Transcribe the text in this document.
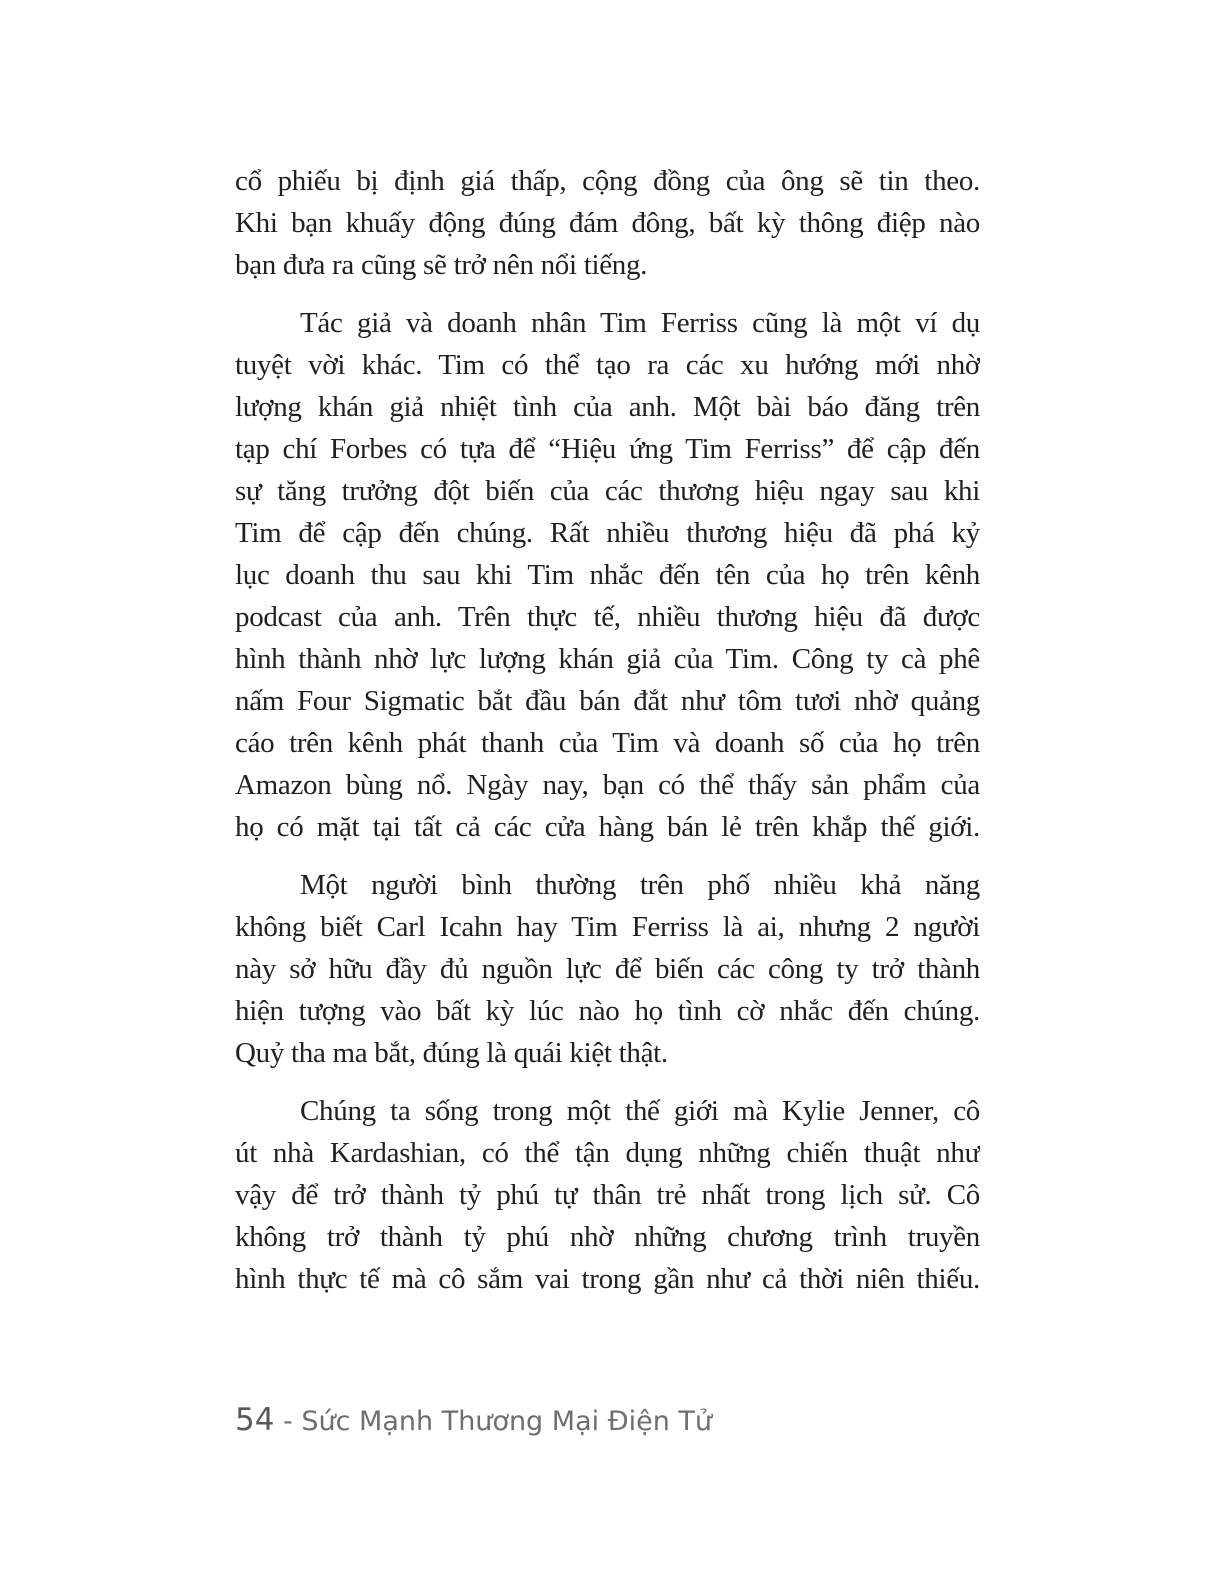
cổ phiếu bị định giá thấp, cộng đồng của ông sẽ tin theo.
Khi bạn khuấy động đúng đám đông, bất kỳ thông điệp nào
bạn đưa ra cũng sẽ trở nên nổi tiếng.
Tác giả và doanh nhân Tim Ferriss cũng là một ví dụ
tuyệt vời khác. Tim có thể tạo ra các xu hướng mới nhờ
lượng khán giả nhiệt tình của anh. Một bài báo đăng trên
tạp chí Forbes có tựa để “Hiệu ứng Tim Ferriss” để cập đến
sự tăng trưởng đột biến của các thương hiệu ngay sau khi
Tim để cập đến chúng. Rất nhiều thương hiệu đã phá kỷ
lục doanh thu sau khi Tim nhắc đến tên của họ trên kênh
podcast của anh. Trên thực tế, nhiều thương hiệu đã được
hình thành nhờ lực lượng khán giả của Tim. Công ty cà phê
nấm Four Sigmatic bắt đầu bán đắt như tôm tươi nhờ quảng
cáo trên kênh phát thanh của Tim và doanh số của họ trên
Amazon bùng nổ. Ngày nay, bạn có thể thấy sản phẩm của
họ có mặt tại tất cả các cửa hàng bán lẻ trên khắp thế giới.
Một người bình thường trên phố nhiều khả năng
không biết Carl Icahn hay Tim Ferriss là ai, nhưng 2 người
này sở hữu đầy đủ nguồn lực để biến các công ty trở thành
hiện tượng vào bất kỳ lúc nào họ tình cờ nhắc đến chúng.
Quỷ tha ma bắt, đúng là quái kiệt thật.
Chúng ta sống trong một thế giới mà Kylie Jenner, cô
út nhà Kardashian, có thể tận dụng những chiến thuật như
vậy để trở thành tỷ phú tự thân trẻ nhất trong lịch sử. Cô
không trở thành tỷ phú nhờ những chương trình truyền
hình thực tế mà cô sắm vai trong gần như cả thời niên thiếu.
54 - Sức Mạnh Thương Mại Điện Tử
